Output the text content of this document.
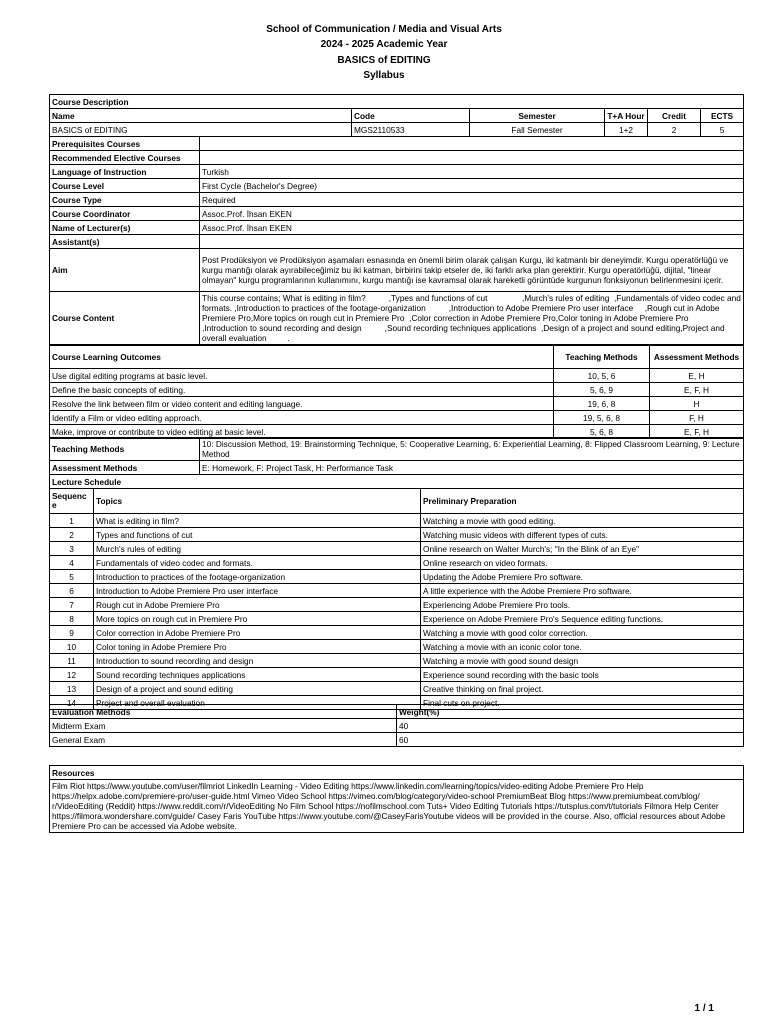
School of Communication / Media and Visual Arts
2024 - 2025 Academic Year
BASICS of EDITING
Syllabus
Course Description						
Name		Code	Semester	T+A Hour	Credit	ECTS
BASICS of EDITING		MGS2110533	Fall Semester	1+2	2	5
Prerequisites Courses						
Recommended Elective Courses						
Language of Instruction	Turkish					
Course Level	First Cycle (Bachelor's Degree)					
Course Type	Required					
Course Coordinator	Assoc.Prof. İhsan EKEN					
Name of Lecturer(s)	Assoc.Prof. İhsan EKEN					
Assistant(s)						
Aim	Post Prodüksiyon ve Prodüksiyon aşamaları esnasında en önemli birim olarak çalışan Kurgu, iki katmanlı bir deneyimdir. Kurgu operatörlüğü ve kurgu mantığı olarak ayırabileceğimiz bu iki katman, birbirini takip etseler de, iki farklı arka plan gerektirir. Kurgu operatörlüğü, dijital, "linear olmayan" kurgu programlarının kullanımını, kurgu mantığı ise kavramsal olarak hareketli görüntüde kurgunun fonksiyonun belirlenmesini içerir.					
Course Content	This course contains; What is editing in film?          ,Types and functions of cut               ,Murch's rules of editing  ,Fundamentals of video codec and formats. ,Introduction to practices of the footage-organization          ,Introduction to Adobe Premiere Pro user interface     ,Rough cut in Adobe Premiere Pro,More topics on rough cut in Premiere Pro  ,Color correction in Adobe Premiere Pro,Color toning in Adobe Premiere Pro          ,Introduction to sound recording and design          ,Sound recording techniques applications  ,Design of a project and sound editing,Project and overall evaluation         .					
Course Learning Outcomes	Teaching Methods	Assessment Methods
Use digital editing programs at basic level.	10, 5, 6	E, H
Define the basic concepts of editing.	5, 6, 9	E, F, H
Resolve the link between film or video content and editing language.	19, 6, 8	H
Identify a Film or video editing approach.	19, 5, 6, 8	F, H
Make, improve or contribute to video editing at basic level.	5, 6, 8	E, F, H
Teaching Methods	10: Discussion Method, 19: Brainstorming Technique, 5: Cooperative Learning, 6: Experiential Learning, 8: Flipped Classroom Learning, 9: Lecture Method
Assessment Methods	E: Homework, F: Project Task, H: Performance Task
Lecture Schedule		
Sequence	Topics	Preliminary Preparation
1	What is editing in film?	Watching a movie with good editing.
2	Types and functions of cut	Watching music videos with different types of cuts.
3	Murch's rules of editing	Online research on Walter Murch's; "In the Blink of an Eye"
4	Fundamentals of video codec and formats.	Online research on video formats.
5	Introduction to practices of the footage-organization	Updating the Adobe Premiere Pro software.
6	Introduction to Adobe Premiere Pro user interface	A little experience with the Adobe Premiere Pro software.
7	Rough cut in Adobe Premiere Pro	Experiencing Adobe Premiere Pro tools.
8	More topics on rough cut in Premiere Pro	Experience on Adobe Premiere Pro's Sequence editing functions.
9	Color correction in Adobe Premiere Pro	Watching a movie with good color correction.
10	Color toning in Adobe Premiere Pro	Watching a movie with an iconic color tone.
11	Introduction to sound recording and design	Watching a movie with good sound design
12	Sound recording techniques applications	Experience sound recording with the basic tools
13	Design of a project and sound editing	Creative thinking on final project.
14	Project and overall evaluation	Final cuts on project.
Evaluation Methods	Weight(%)
Midterm Exam	40
General Exam	60
Resources
Film Riot https://www.youtube.com/user/filmriot LinkedIn Learning - Video Editing https://www.linkedin.com/learning/topics/video-editing Adobe Premiere Pro Help https://helpx.adobe.com/premiere-pro/user-guide.html Vimeo Video School https://vimeo.com/blog/category/video-school PremiumBeat Blog https://www.premiumbeat.com/blog/ r/VideoEditing (Reddit) https://www.reddit.com/r/VideoEditing No Film School https://nofilmschool.com Tuts+ Video Editing Tutorials https://tutsplus.com/t/tutorials Filmora Help Center https://filmora.wondershare.com/guide/ Casey Faris YouTube https://www.youtube.com/@CaseyFarisYoutube videos will be provided in the course. Also, official resources about Adobe Premiere Pro can be accessed via Adobe website.
1 / 1
